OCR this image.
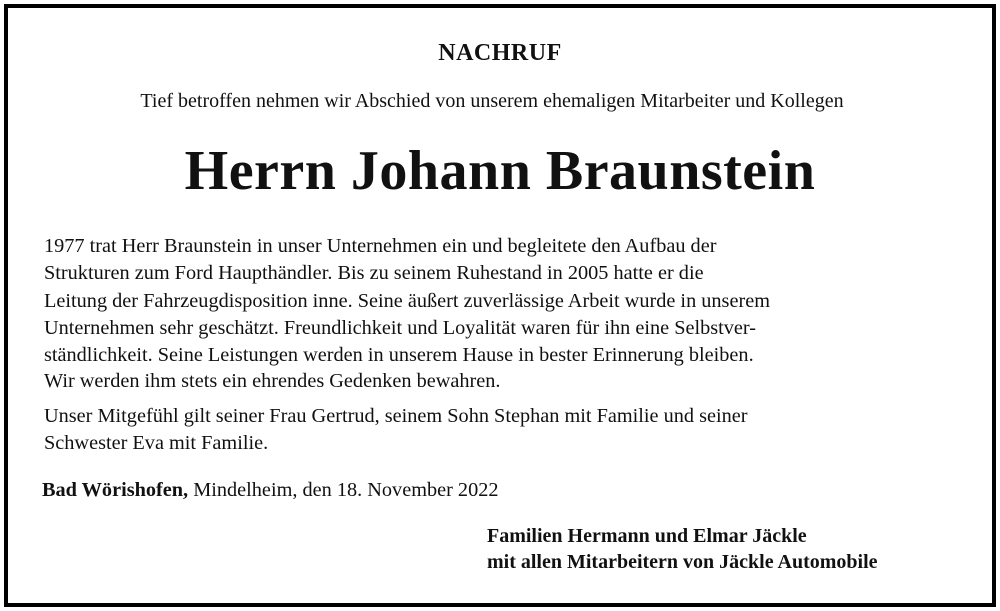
NACHRUF
Tief betroffen nehmen wir Abschied von unserem ehemaligen Mitarbeiter und Kollegen
Herrn Johann Braunstein
1977 trat Herr Braunstein in unser Unternehmen ein und begleitete den Aufbau der
Strukturen zum Ford Haupthändler. Bis zu seinem Ruhestand in 2005 hatte er die
Leitung der Fahrzeugdisposition inne. Seine äußert zuverlässige Arbeit wurde in unserem
Unternehmen sehr geschätzt. Freundlichkeit und Loyalität waren für ihn eine Selbstver-
ständlichkeit. Seine Leistungen werden in unserem Hause in bester Erinnerung bleiben.
Wir werden ihm stets ein ehrendes Gedenken bewahren.
Unser Mitgefühl gilt seiner Frau Gertrud, seinem Sohn Stephan mit Familie und seiner
Schwester Eva mit Familie.
Bad Wörishofen, Mindelheim, den 18. November 2022
Familien Hermann und Elmar Jäckle
mit allen Mitarbeitern von Jäckle Automobile
